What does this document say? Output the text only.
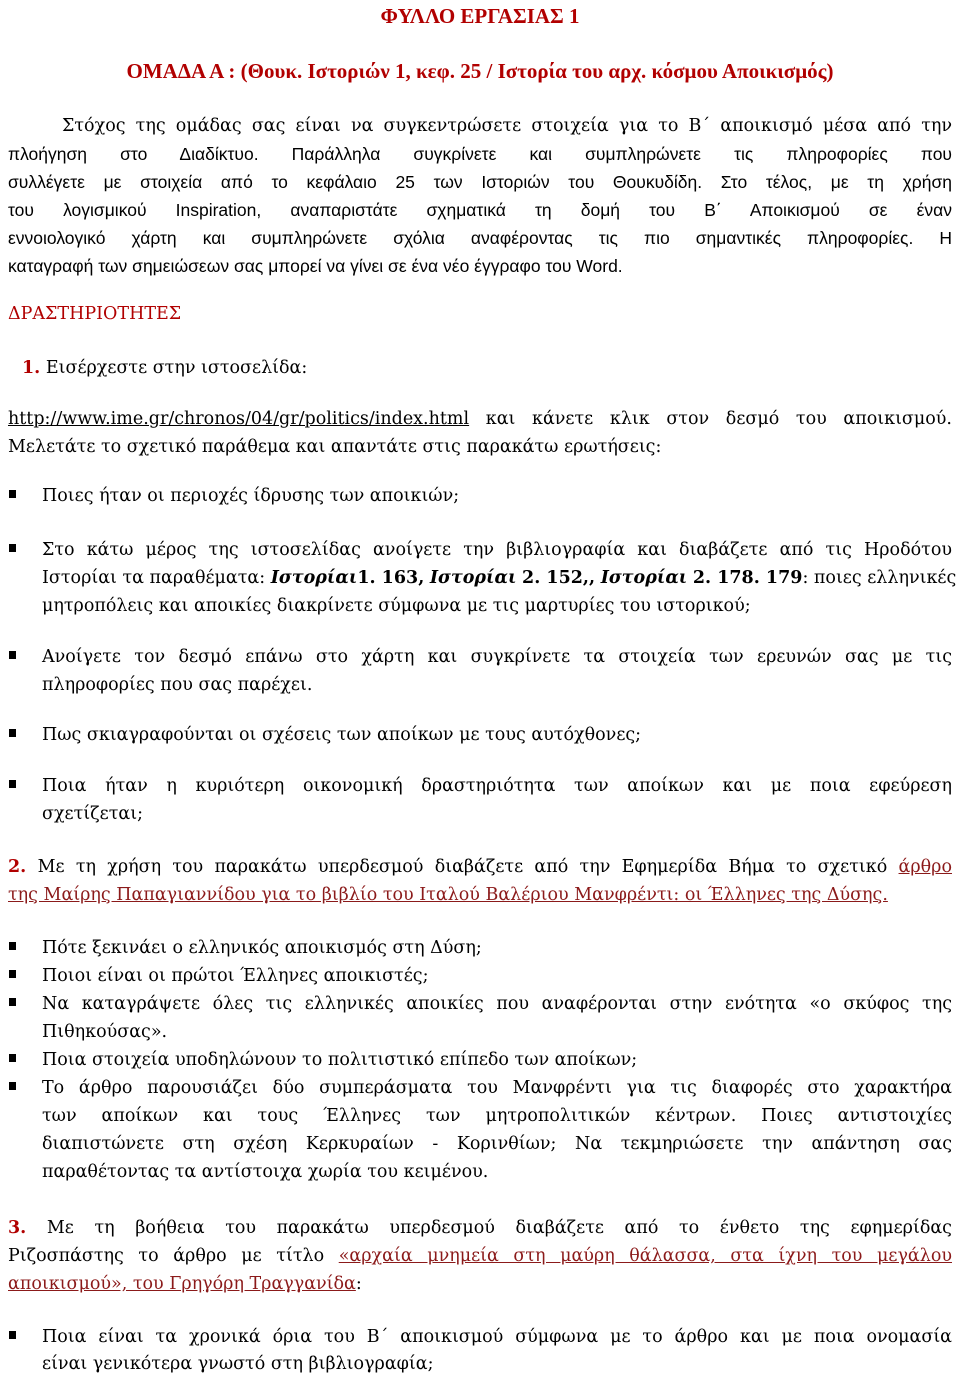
ΦΥΛΛΟ ΕΡΓΑΣΙΑΣ 1
ΟΜΑΔΑ Α : (Θουκ. Ιστοριών 1, κεφ. 25 / Ιστορία του αρχ. κόσμου Αποικισμός)
Στόχος της ομάδας σας είναι να συγκεντρώσετε στοιχεία για το Β΄ αποικισμό μέσα από την
πλοήγηση στο Διαδίκτυο. Παράλληλα συγκρίνετε και συμπληρώνετε τις πληροφορίες που
συλλέγετε με στοιχεία από το κεφάλαιο 25 των Ιστοριών του Θουκυδίδη. Στο τέλος, με τη χρήση
του λογισμικού Inspiration, αναπαριστάτε σχηματικά τη δομή του Β΄ Αποικισμού σε έναν
εννοιολογικό χάρτη και συμπληρώνετε σχόλια αναφέροντας τις πιο σημαντικές πληροφορίες. Η
καταγραφή των σημειώσεων σας μπορεί να γίνει σε ένα νέο έγγραφο του Word.
ΔΡΑΣΤΗΡΙΟΤΗΤΕΣ
1. Εισέρχεστε στην ιστοσελίδα:
http://www.ime.gr/chronos/04/gr/politics/index.html και κάνετε κλικ στον δεσμό του αποικισμού.
Μελετάτε το σχετικό παράθεμα και απαντάτε στις παρακάτω ερωτήσεις:
Ποιες ήταν οι περιοχές ίδρυσης των αποικιών;
Στο κάτω μέρος της ιστοσελίδας ανοίγετε την βιβλιογραφία και διαβάζετε από τις Ηροδότου
Ιστορίαι τα παραθέματα: Ιστορίαι1. 163, Ιστορίαι 2. 152,, Ιστορίαι 2. 178. 179: ποιες ελληνικές
μητροπόλεις και αποικίες διακρίνετε σύμφωνα με τις μαρτυρίες του ιστορικού;
Ανοίγετε τον δεσμό επάνω στο χάρτη και συγκρίνετε τα στοιχεία των ερευνών σας με τις
πληροφορίες που σας παρέχει.
Πως σκιαγραφούνται οι σχέσεις των αποίκων με τους αυτόχθονες;
Ποια ήταν η κυριότερη οικονομική δραστηριότητα των αποίκων και με ποια εφεύρεση
σχετίζεται;
2. Με τη χρήση του παρακάτω υπερδεσμού διαβάζετε από την Εφημερίδα Βήμα το σχετικό άρθρο
της Μαίρης Παπαγιαννίδου για το βιβλίο του Ιταλού Βαλέριου Μανφρέντι: οι Έλληνες της Δύσης.
Πότε ξεκινάει ο ελληνικός αποικισμός στη Δύση;
Ποιοι είναι οι πρώτοι Έλληνες αποικιστές;
Να καταγράψετε όλες τις ελληνικές αποικίες που αναφέρονται στην ενότητα «ο σκύφος της
Πιθηκούσας».
Ποια στοιχεία υποδηλώνουν το πολιτιστικό επίπεδο των αποίκων;
Το άρθρο παρουσιάζει δύο συμπεράσματα του Μανφρέντι για τις διαφορές στο χαρακτήρα
των αποίκων και τους Έλληνες των μητροπολιτικών κέντρων. Ποιες αντιστοιχίες
διαπιστώνετε στη σχέση Κερκυραίων - Κορινθίων; Να τεκμηριώσετε την απάντηση σας
παραθέτοντας τα αντίστοιχα χωρία του κειμένου.
3. Με τη βοήθεια του παρακάτω υπερδεσμού διαβάζετε από το ένθετο της εφημερίδας
Ριζοσπάστης το άρθρο με τίτλο «αρχαία μνημεία στη μαύρη θάλασσα, στα ίχνη του μεγάλου
αποικισμού», του Γρηγόρη Τραγγανίδα:
Ποια είναι τα χρονικά όρια του Β΄ αποικισμού σύμφωνα με το άρθρο και με ποια ονομασία
είναι γενικότερα γνωστό στη βιβλιογραφία;
